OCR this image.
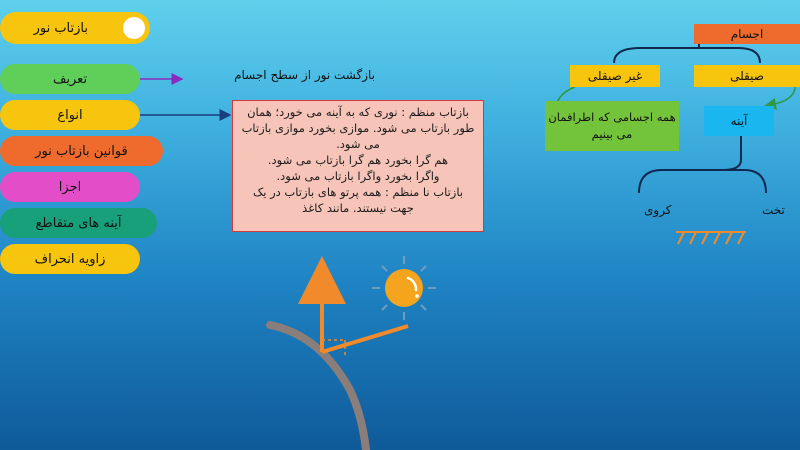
بازتاب نور
تعریف
انواع
قوانین بازتاب نور
اجزا
آینه های متقاطع
زاویه انحراف
بازگشت نور از سطح اجسام
بازتاب منظم : نوری که به آینه می خورد؛ همان
طور بازتاب می شود. موازی بخورد موازی بازتاب
می شود.
هم گرا بخورد هم گرا بازتاب می شود.
واگرا بخورد واگرا بازتاب می شود.
بازتاب نا منظم : همه پرتو های بازتاب در یک
جهت نیستند. مانند کاغذ
اجسام
غیر صیقلی	صیقلی
همه اجسامی که اطرافمان
می بینیم
آینه
کروی	تخت
